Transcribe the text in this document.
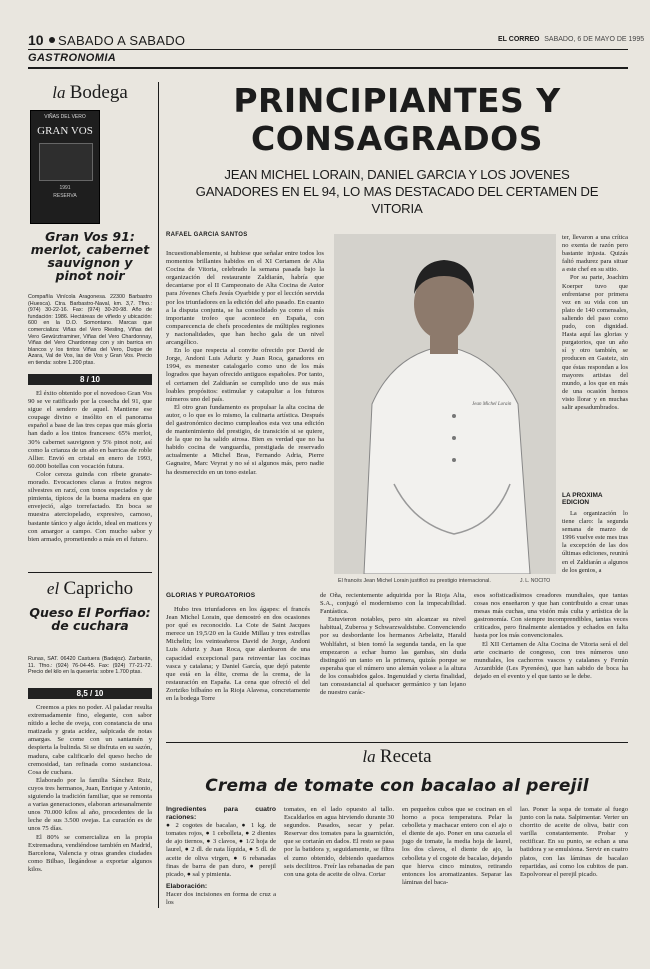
10 SABADO A SABADO	EL CORREO SABADO, 6 DE MAYO DE 1995
GASTRONOMIA
la Bodega
VIÑAS DEL VERO
GRAN VOS
1991
RESERVA
Gran Vos 91: merlot, cabernet sauvignon y pinot noir
Compañía Vinícola Aragonesa. 22300 Barbastro (Huesca). Ctra. Barbastro-Naval, km. 3,7. Tfno.: (974) 30-22-16. Fax: (974) 30-20-98. Año de fundación: 1986. Hectáreas de viñedo y ubicación: 600 en la D.O. Somontano. Marcas que comercializa: Viñas del Vero Riesling, Viñas del Vero Gewürztraminer, Viñas del Vero Chardonnay, Viñas del Vero Chardonnay con y sin barrica en blancos y los tintos Viñas del Vero, Duque de Azara, Val de Vos, las de Vos y Gran Vos. Precio en tienda: sobre 1.200 ptas.
8 / 10

El éxito obtenido por el novedoso Gran Vos 90 se ve ratificado por la cosecha del 91, que sigue el sendero de aquel. Mantiene ese coupage divino e insólito en el panorama español a base de las tres cepas que más gloria han dado a los tintos franceses: 65% merlot, 30% cabernet sauvignon y 5% pinot noir, así como la crianza de un año en barricas de roble Allier. Envió en cristal en enero de 1993, 60.000 botellas con vocación futura.

Color cereza guinda con ribete granate-morado. Evocaciones claras a frutos negros silvestres en rarzí, con tonos especiados y de pimienta, típicos de la buena madera en que envejeció, algo torrefactado. En boca se muestra aterciopelado, expresivo, carnoso, bastante tánico y algo ácido, ideal en matices y con amargor a campo. Con mucho sabor y bien armado, prometiendo a más en el futuro.

el Capricho
Queso El Porfiao: de cuchara
Runas, SAT. 06420 Castuera (Badajoz). Zarbarán, 11. Tfno.: (924) 76-04-45. Fax: (924) 77-21-72. Precio del kilo en la quesería: sobre 1.700 ptas.
8,5 / 10

Creemos a pies no poder. Al paladar resulta extremadamente fino, elegante, con sabor nítido a leche de oveja, con constancia de una matizada y grata acidez, salpicada de notas amargas. Se come con un santamén y despierta la bulinda. Si se disfruta en su sazón, madura, cabe calificarlo del queso hecho de cremosidad, tan refinada como sustanciosa. Cosa de cuchara.

Elaborado por la familia Sánchez Ruiz, cuyos tres hermanos, Juan, Enrique y Antonio, siguiendo la tradición familiar, que se remonta a varias generaciones, elaboran artesanalmente unos 70.000 kilos al año, procedentes de la leche de sus 3.500 ovejas. La curación es de unos 75 días.

El 80% se comercializa en la propia Extremadura, vendiéndose también en Madrid, Barcelona, Valencia y otras grandes ciudades como Bilbao, llegándose a exportar algunos kilos.

PRINCIPIANTES Y
CONSAGRADOS
JEAN MICHEL LORAIN, DANIEL GARCIA Y LOS JOVENES GANADORES EN EL 94, LO MAS DESTACADO DEL CERTAMEN DE VITORIA
RAFAEL GARCIA SANTOS

Incuestionablemente, si hubiese que señalar entre todos los momentos brillantes habidos en el XI Certamen de Alta Cocina de Vitoria, celebrado la semana pasada bajo la organización del restaurante Zaldiarán, habría que decantarse por el II Campeonato de Alta Cocina de Autor para Jóvenes Chefs Jesús Oyarbide y por el lección servida por los triunfadores en la edición del año pasado. En cuanto a la disputa conjunta, se ha consolidado ya como el más importante trofeo que acontece en España, con comparecencia de chefs procedentes de múltiples regiones y nacionalidades, que han hecho gala de un nivel arcangélico.

En lo que respecta al convite ofrecido por David de Jorge, Andoni Luis Aduriz y Juan Roca, ganadores en 1994, es menester catalogarlo como uno de los más logrados que hayan ofrecido antiguos españoles. Por tanto, el certamen del Zaldiarán se cumplido uno de sus más loables propósitos: estimular y catapultar a los futuros números uno del país.

El otro gran fundamento es propulsar la alta cocina de autor, o lo que es lo mismo, la culinaria artística. Después del gastronómico decimo cumpleaños esta vez una edición de mantenimiento del prestigio, de transición si se quiere, de la que no ha salido airosa. Bien es verdad que no ha habido cocina de vanguardia, prestigiada de reservado actualmente a Michel Bras, Fernando Adria, Pierre Gagnaire, Marc Veyrat y no sé si algunos más, pero nadie ha desmerecido en un tono estelar.

Jean Michel Lorain
El francés Jean Michel Lorain justificó su prestigio internacional.	J. L. NOCITO

ter, llevaron a una crítica no exenta de razón pero bastante injusta. Quizás faltó madurez para situar a este chef en su sitio.

Por su parte, Joachim Koerper tuvo que enfrentarse por primera vez en su vida con un plato de 140 comensales, saliendo del paso como pudo, con dignidad. Hasta aquí las glorias y purgatorios, que un año sí y otro también, se producen en Gasteiz, sin que éstas respondan a los mayores artistas del mundo, a los que en más de una ocasión hemos visto llorar y en muchas salir apesadumbrados.

LA PROXIMA EDICION

La organización lo tiene claro: la segunda semana de marzo de 1996 vuelve este mes tras la excepción de las dos últimas ediciones, reunirá en el Zaldiarán a algunos de los genios, a

GLORIAS Y PURGATORIOS

Hubo tres triunfadores en los ágapes: el francés Jean Michel Lorain, que demostró en dos ocasiones por qué es reconocido. La Cote de Saint Jacques merece un 19,5/20 en la Guide Millau y tres estrellas Michelin; los veinteañeros David de Jorge, Andoni Luis Aduriz y Juan Roca, que alardearon de una capacidad excepcional para reinventar las cocinas vasca y catalana; y Daniel García, que dejó patente que está en la élite, crema de la crema, de la restauración en España. La cena que ofreció el del Zortziko bilbaíno en la Rioja Alavesa, concretamente en la bodega Torre

de Oña, recientemente adquirida por la Rioja Alta, S.A., conjugó el modernismo con la impecabilidad. Fantástica.

Estuvieron notables, pero sin alcanzar su nivel habitual, Zuberoa y Schwarzwaldstube. Convenciendo por su desbordante los hermanos Arbelaitz, Harald Wohlfahrt, si bien tomó la segunda tanda, en la que empezaron a echar humo las gambas, sin duda distinguió un tanto en la primera, quizás porque se esperaba que el número uno alemán volase a la altura de los consabidos galos. Ingenuidad y cierta finalidad, tan consustancial al quehacer germánico y tan lejano de nuestro carác-

esos sofisticadísimos creadores mundiales, que tantas cosas nos enseñaron y que han contribuido a crear unas mesas más cuchas, una visión más culta y artística de la gastronomía. Con siempre incomprendibles, tantas veces criticados, pero finalmente alentados y echados en falta hasta por los más convencionales.

El XII Certamen de Alta Cocina de Vitoria será el del arte cocinario de congreso, con tres números uno mundiales, los cachorros vascos y catalanes y Ferrán Arzaniblde (Les Pyrenées), que han sabido de boca ha dejado en el evento y el que tanto se le debe.

la Receta
Crema de tomate con bacalao al perejil
Ingredientes para cuatro raciones:
● 2 cogotes de bacalao, ● 1 kg. de tomates rojos, ● 1 cebolleta, ● 2 dientes de ajo tiernos, ● 3 clavos, ● 1/2 hoja de laurel, ● 2 dl. de nata líquida, ● 5 dl. de aceite de oliva virgen, ● 6 rebanadas finas de barra de pan duro, ● perejil picado, ● sal y pimienta.
Elaboración:
Hacer dos incisiones en forma de cruz a los

tomates, en el lado opuesto al tallo. Escaldarlos en agua hirviendo durante 30 segundos. Pasados, secar y pelar. Reservar dos tomates para la guarnición, que se cortarán en dados. El resto se pasa por la batidora y, seguidamente, se filtra el zumo obtenido, debiendo quedarnos seis decilitros. Freír las rebanadas de pan con una gota de aceite de oliva. Cortar

en pequeños cubos que se cocinan en el horno a poca temperatura. Pelar la cebolleta y machacar entero con el ajo o el diente de ajo. Poner en una cazuela el jugo de tomate, la media hoja de laurel, los dos clavos, el diente de ajo, la cebolleta y el cogote de bacalao, dejando que hierva cinco minutos, retirando entonces los aromatizantes. Separar las láminas del baca-

lao. Poner la sopa de tomate al fuego junto con la nata. Salpimentar. Verter un chorrito de aceite de oliva, batir con varilla constantemente. Probar y rectificar. En su punto, se echan a una batidora y se emulsiona. Servir en cuatro platos, con las láminas de bacalao repartidas, así como los cubitos de pan. Espolvorear el perejil picado.
